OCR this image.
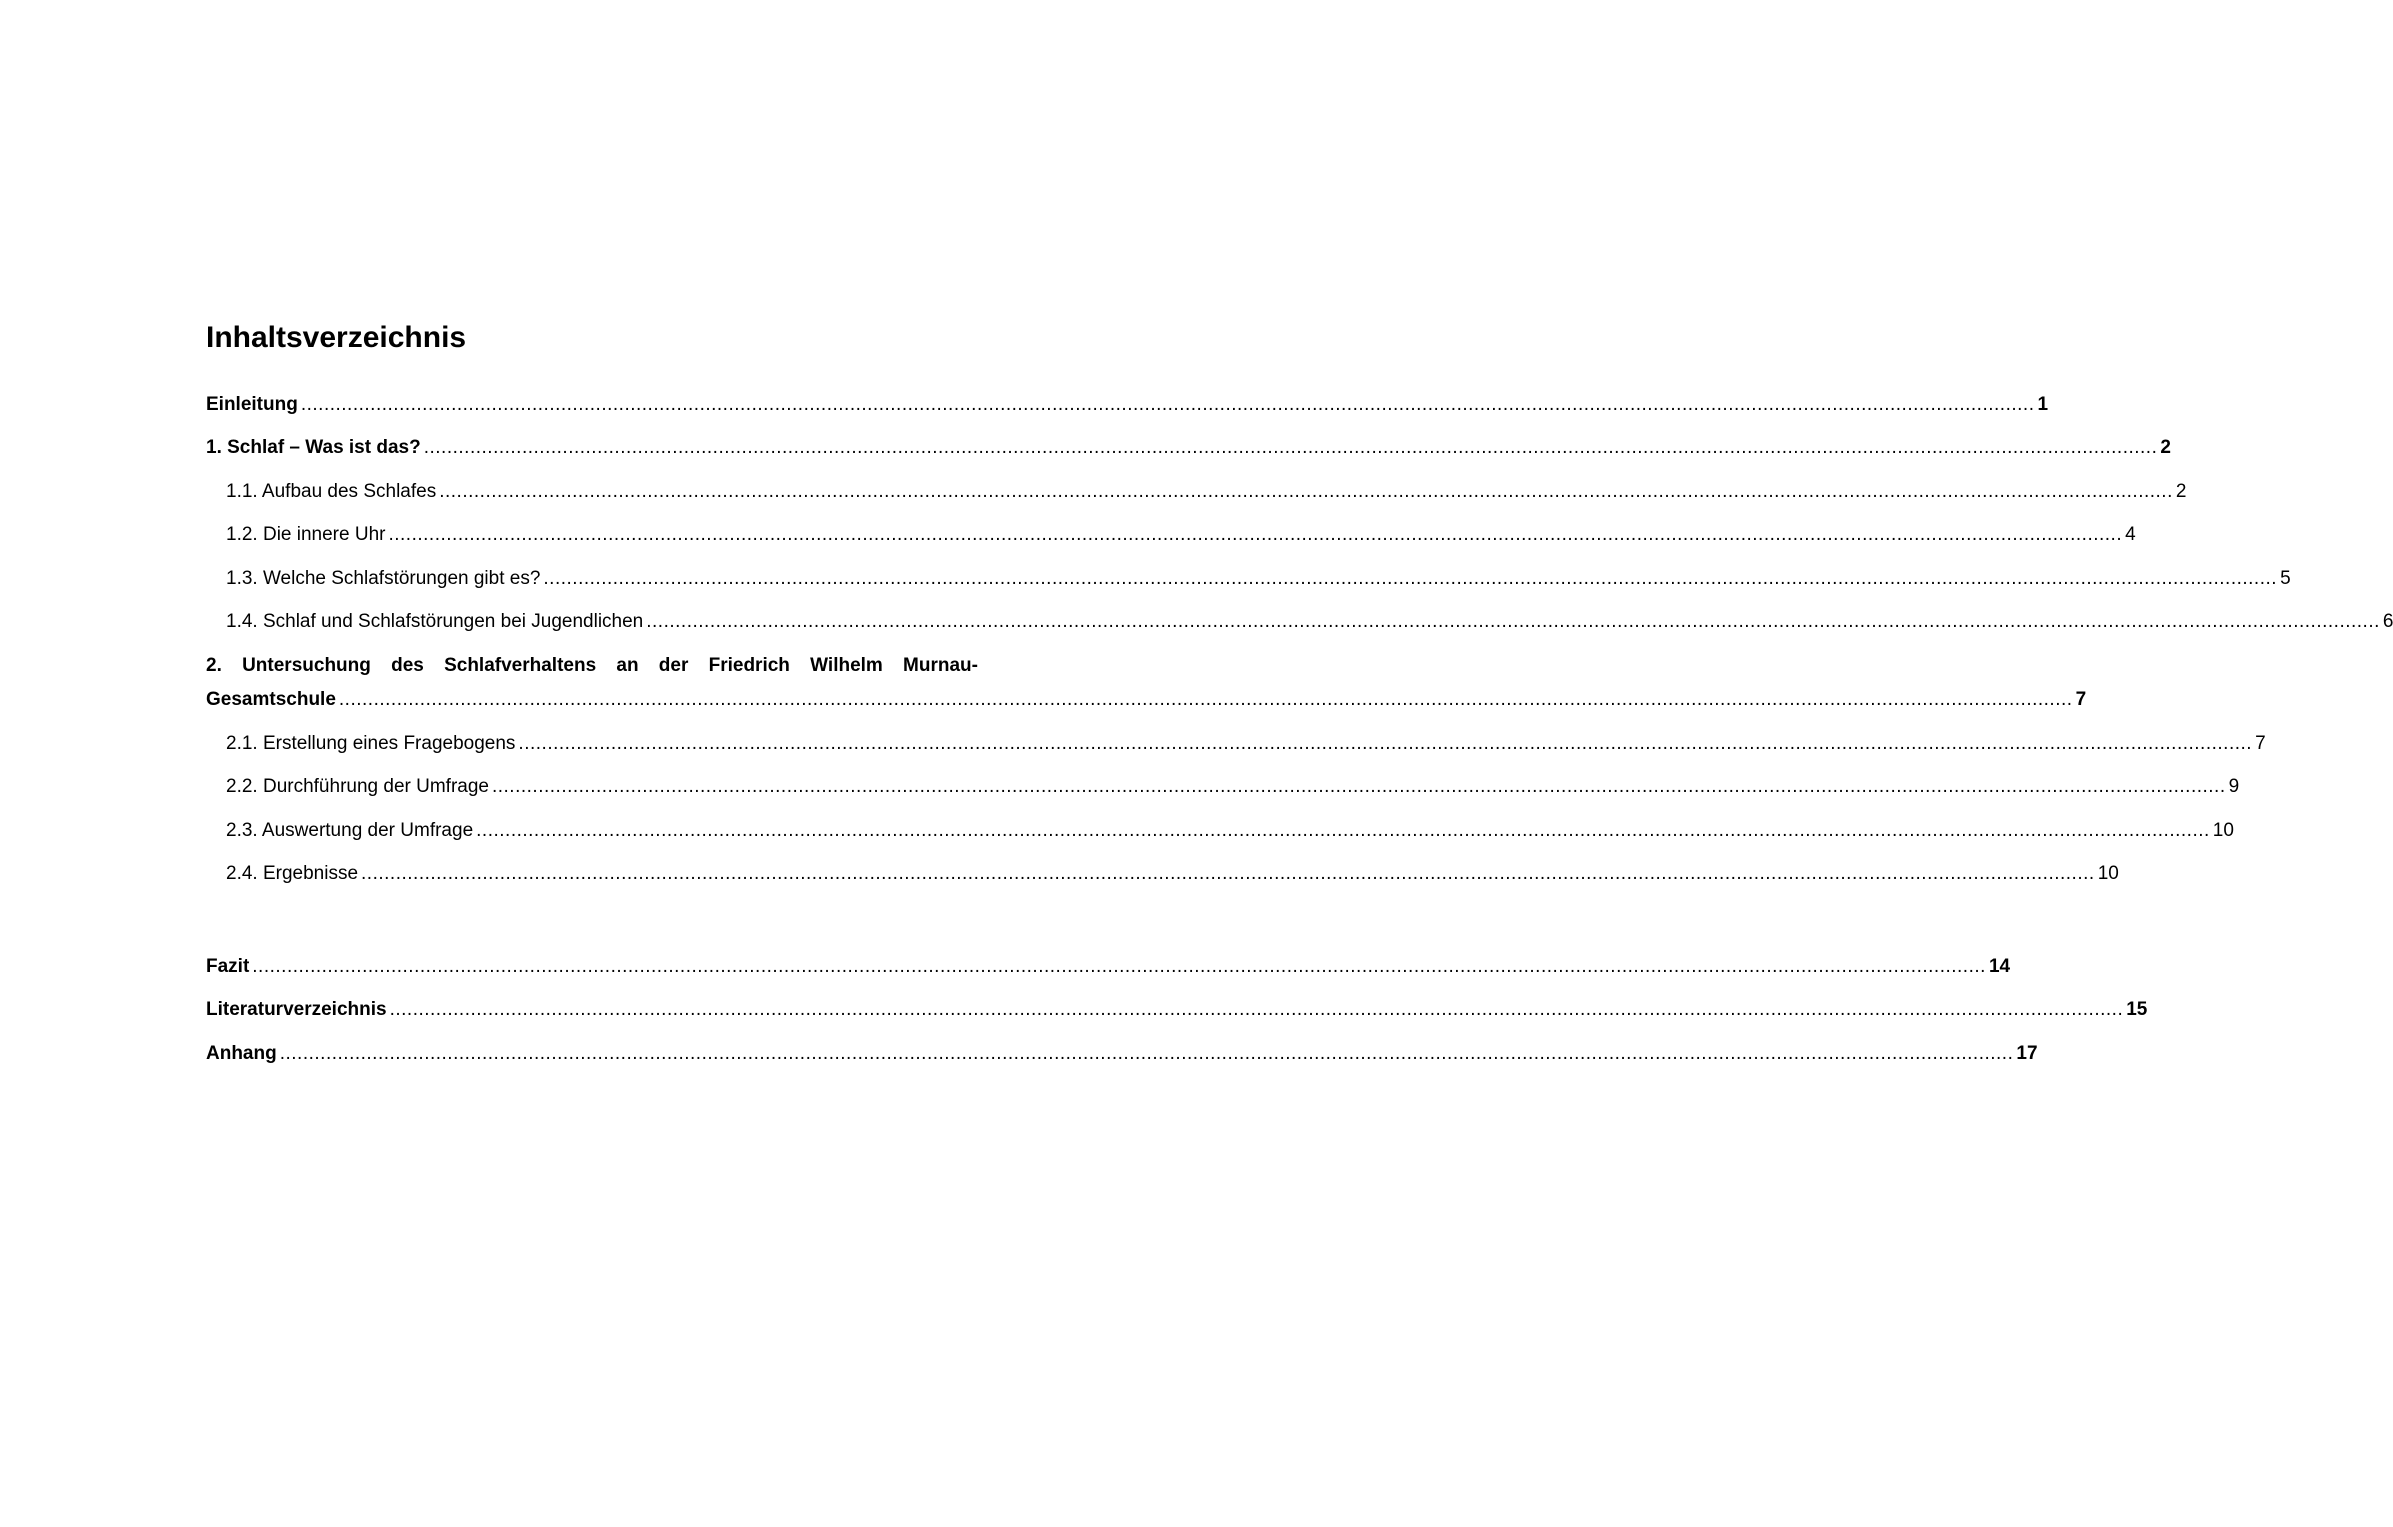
Inhaltsverzeichnis
Einleitung ............................................................................................................................................................................................................................................................................................................ 1
1. Schlaf – Was ist das? ............................................................................................................................................................................................................................................................................................................ 2
1.1. Aufbau des Schlafes ............................................................................................................................................................................................................................................................................................................ 2
1.2. Die innere Uhr ............................................................................................................................................................................................................................................................................................................ 4
1.3. Welche Schlafstörungen gibt es? ............................................................................................................................................................................................................................................................................................................ 5
1.4. Schlaf und Schlafstörungen bei Jugendlichen ............................................................................................................................................................................................................................................................................................................ 6
2. Untersuchung des Schlafverhaltens an der Friedrich Wilhelm Murnau-
Gesamtschule ............................................................................................................................................................................................................................................................................................................ 7
2.1. Erstellung eines Fragebogens ............................................................................................................................................................................................................................................................................................................ 7
2.2. Durchführung der Umfrage ............................................................................................................................................................................................................................................................................................................ 9
2.3. Auswertung der Umfrage ............................................................................................................................................................................................................................................................................................................ 10
2.4. Ergebnisse ............................................................................................................................................................................................................................................................................................................ 10
Fazit ............................................................................................................................................................................................................................................................................................................ 14
Literaturverzeichnis ............................................................................................................................................................................................................................................................................................................ 15
Anhang ............................................................................................................................................................................................................................................................................................................ 17
